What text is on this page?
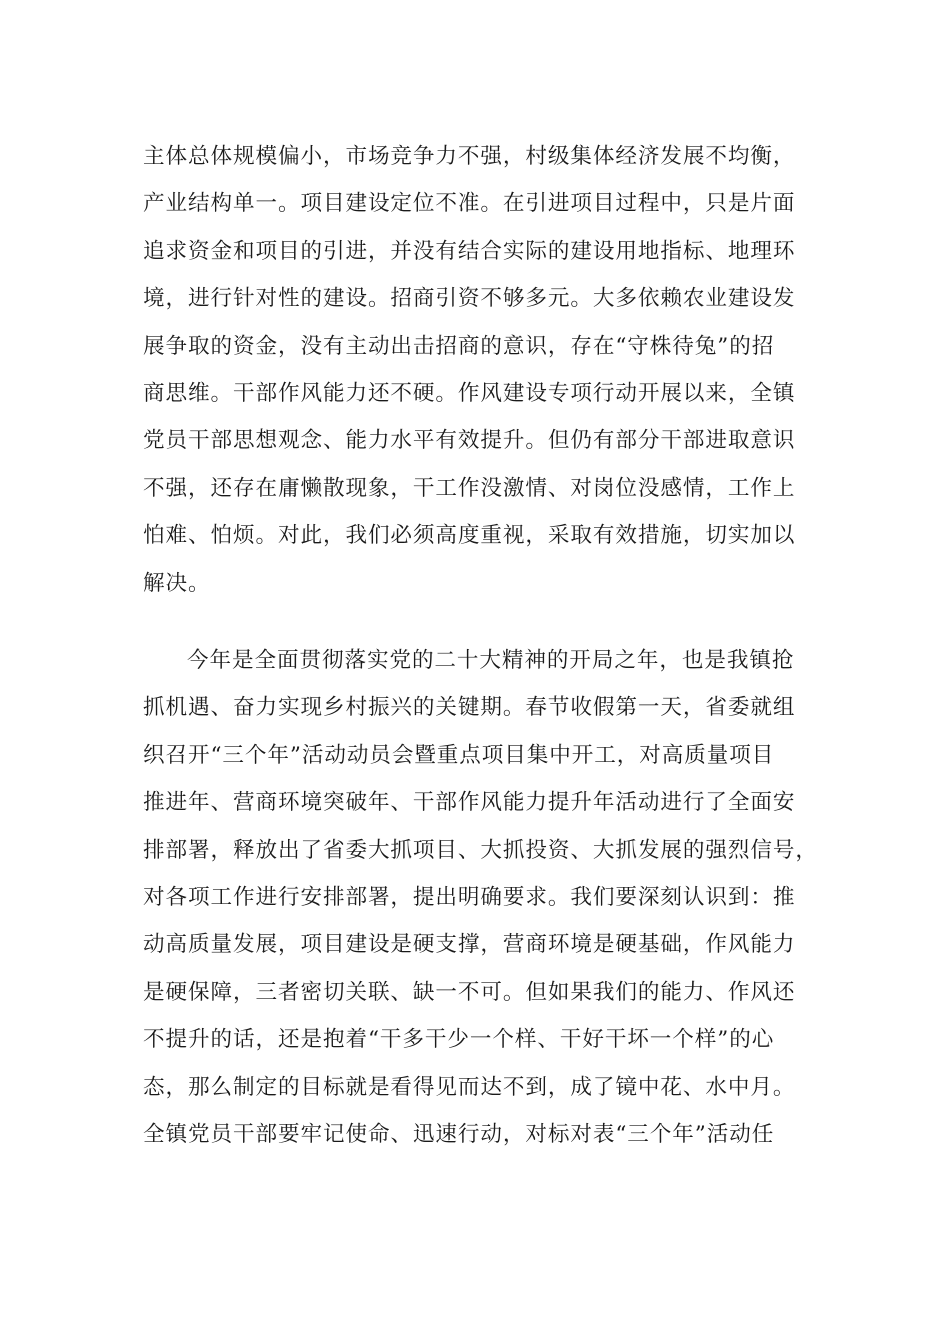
主体总体规模偏小，市场竞争力不强，村级集体经济发展不均衡，
产业结构单一。项目建设定位不准。在引进项目过程中，只是片面
追求资金和项目的引进，并没有结合实际的建设用地指标、地理环
境，进行针对性的建设。招商引资不够多元。大多依赖农业建设发
展争取的资金，没有主动出击招商的意识，存在“守株待兔”的招
商思维。干部作风能力还不硬。作风建设专项行动开展以来，全镇
党员干部思想观念、能力水平有效提升。但仍有部分干部进取意识
不强，还存在庸懒散现象，干工作没激情、对岗位没感情，工作上
怕难、怕烦。对此，我们必须高度重视，采取有效措施，切实加以
解决。
今年是全面贯彻落实党的二十大精神的开局之年，也是我镇抢
抓机遇、奋力实现乡村振兴的关键期。春节收假第一天，省委就组
织召开“三个年”活动动员会暨重点项目集中开工，对高质量项目
推进年、营商环境突破年、干部作风能力提升年活动进行了全面安
排部署，释放出了省委大抓项目、大抓投资、大抓发展的强烈信号，
对各项工作进行安排部署，提出明确要求。我们要深刻认识到：推
动高质量发展，项目建设是硬支撑，营商环境是硬基础，作风能力
是硬保障，三者密切关联、缺一不可。但如果我们的能力、作风还
不提升的话，还是抱着“干多干少一个样、干好干坏一个样”的心
态，那么制定的目标就是看得见而达不到，成了镜中花、水中月。
全镇党员干部要牢记使命、迅速行动，对标对表“三个年”活动任
